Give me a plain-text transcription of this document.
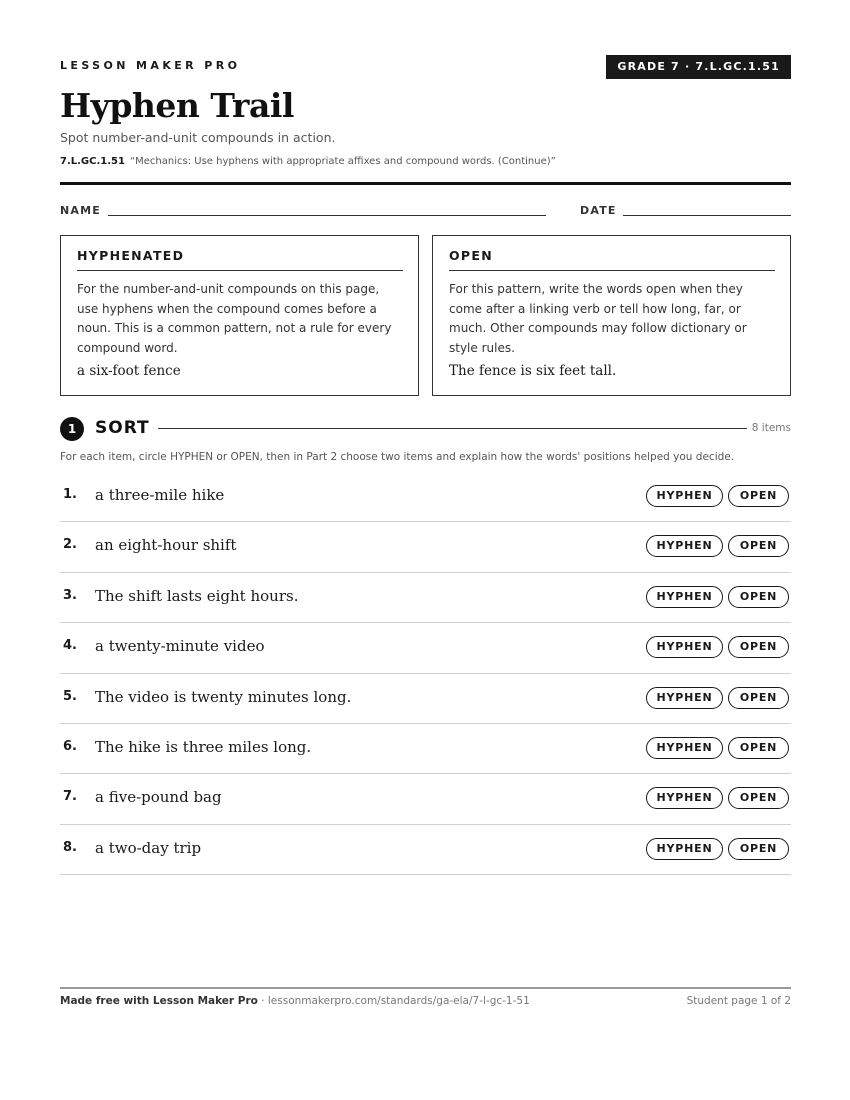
LESSON MAKER PRO	GRADE 7 · 7.L.GC.1.51
Hyphen Trail
Spot number-and-unit compounds in action.
7.L.GC.1.51 “Mechanics: Use hyphens with appropriate affixes and compound words. (Continue)”
NAME	DATE
HYPHENATED
For the number-and-unit compounds on this page, use hyphens when the compound comes before a noun. This is a common pattern, not a rule for every compound word.
a six-foot fence
OPEN
For this pattern, write the words open when they come after a linking verb or tell how long, far, or much. Other compounds may follow dictionary or style rules.
The fence is six feet tall.
1	SORT	8 items
For each item, circle HYPHEN or OPEN, then in Part 2 choose two items and explain how the words' positions helped you decide.
1. a three-mile hike	HYPHEN OPEN
2. an eight-hour shift	HYPHEN OPEN
3. The shift lasts eight hours.	HYPHEN OPEN
4. a twenty-minute video	HYPHEN OPEN
5. The video is twenty minutes long.	HYPHEN OPEN
6. The hike is three miles long.	HYPHEN OPEN
7. a five-pound bag	HYPHEN OPEN
8. a two-day trip	HYPHEN OPEN
Made free with Lesson Maker Pro · lessonmakerpro.com/standards/ga-ela/7-l-gc-1-51	Student page 1 of 2
